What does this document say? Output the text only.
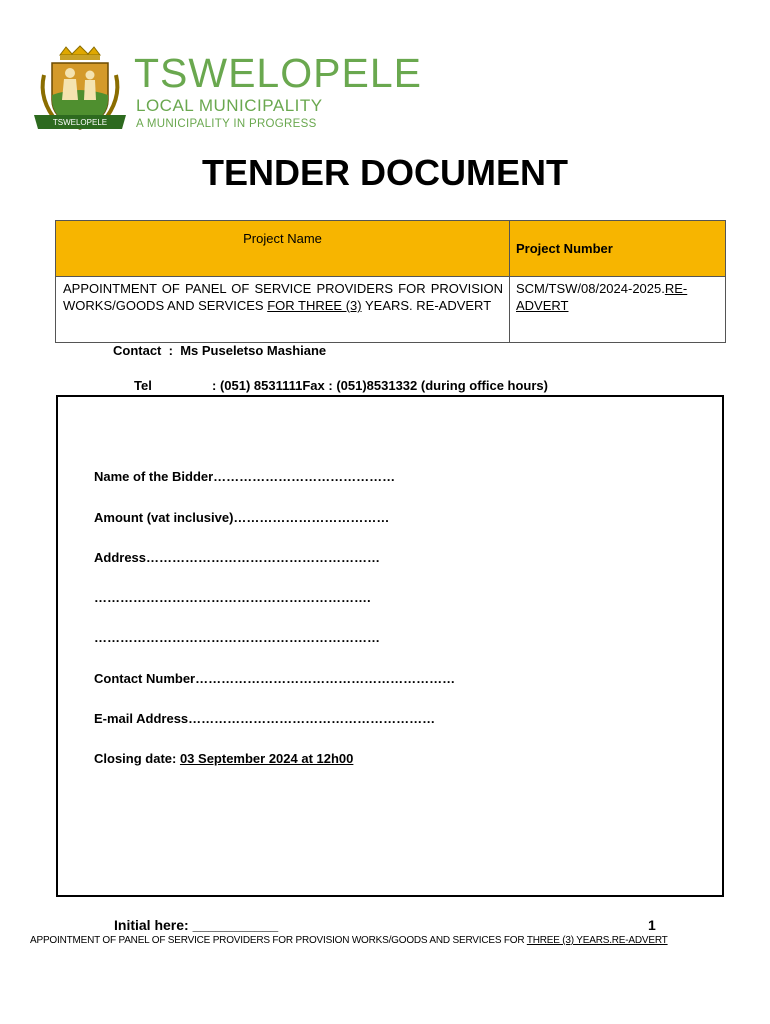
TSWELOPELE
TSWELOPELE
LOCAL MUNICIPALITY
A MUNICIPALITY IN PROGRESS
TENDER DOCUMENT
Project Name	Project Number
APPOINTMENT OF PANEL OF SERVICE PROVIDERS FOR PROVISION WORKS/GOODS AND SERVICES FOR THREE (3) YEARS. RE-ADVERT	SCM/TSW/08/2024-2025.RE-
ADVERT
Contact : Ms Puseletso Mashiane
Tel	: (051) 8531111Fax : (051)8531332 (during office hours)
Name of the Bidder……………………………………
Amount (vat inclusive)………………………………
Address………………………………………………
……………………………………………………….
…………………………………………………………
Contact Number……………………………………………………
E-mail Address…………………………………………………
Closing date: 03 September 2024 at 12h00
Initial here: ___________	1
APPOINTMENT OF PANEL OF SERVICE PROVIDERS FOR PROVISION WORKS/GOODS AND SERVICES FOR THREE (3) YEARS.RE-ADVERT
